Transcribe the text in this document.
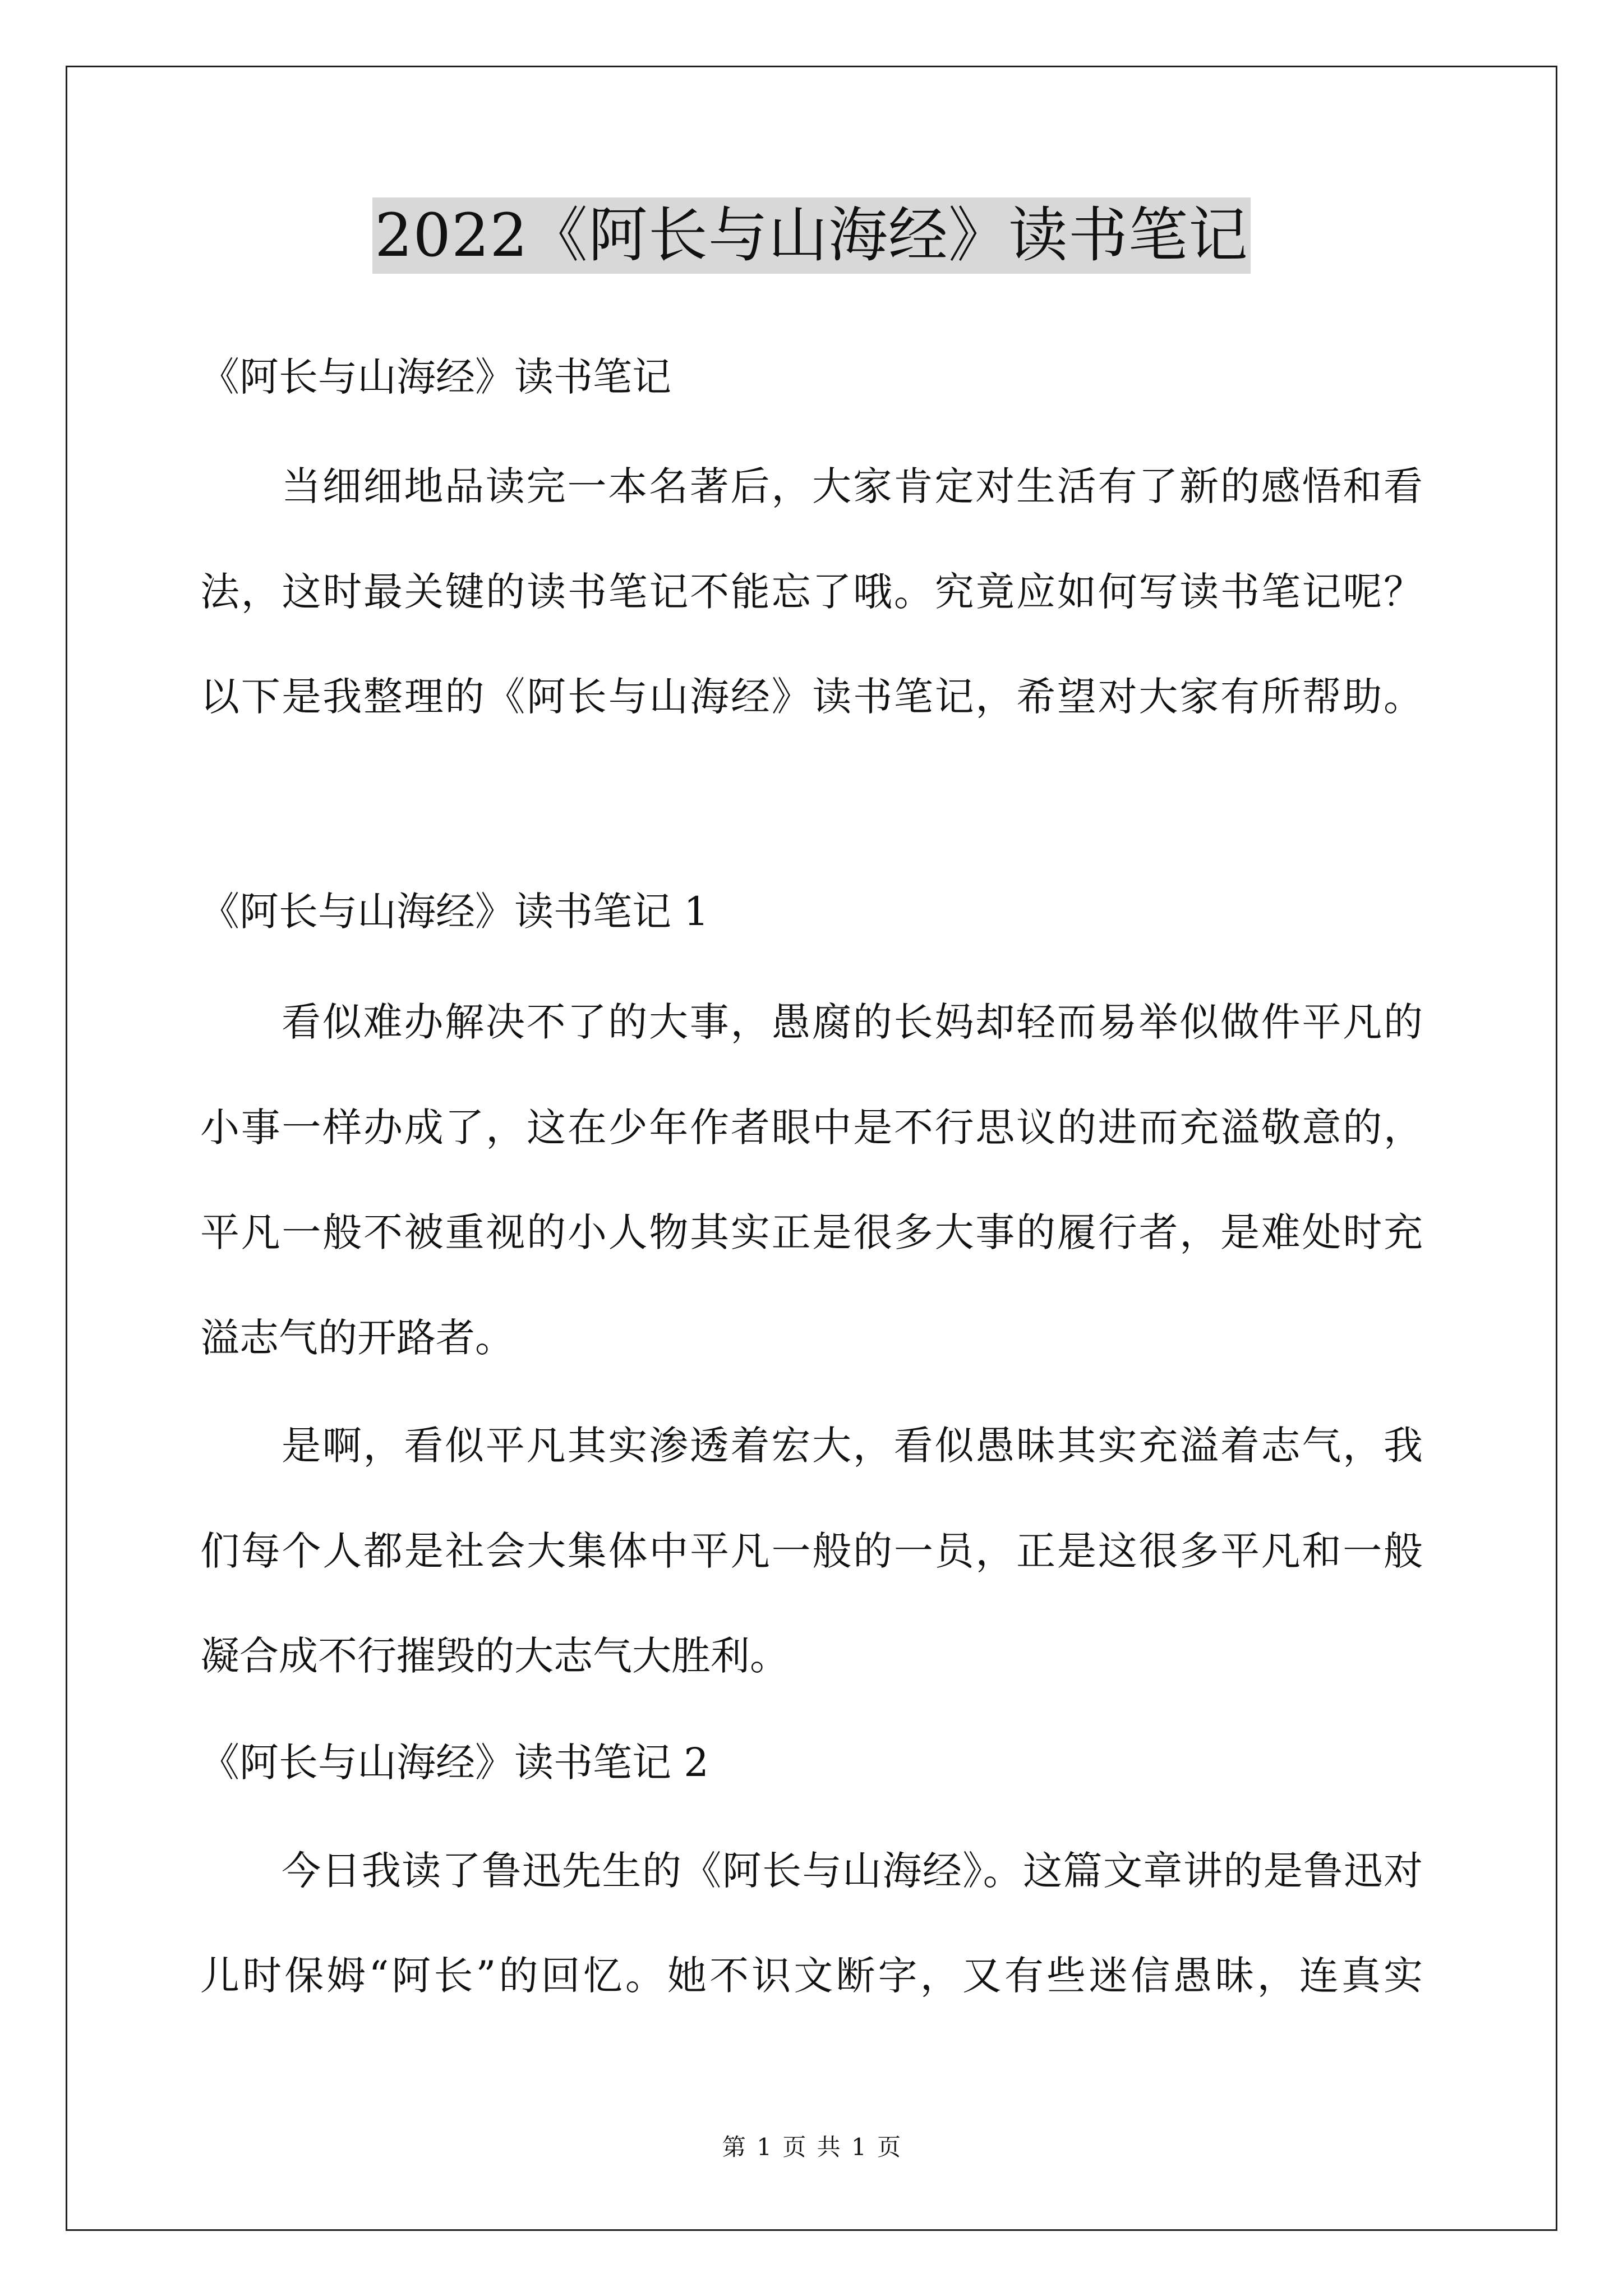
2022《阿长与山海经》读书笔记
《阿长与山海经》读书笔记
当细细地品读完一本名著后，大家肯定对生活有了新的感悟和看
法，这时最关键的读书笔记不能忘了哦。究竟应如何写读书笔记呢？
以下是我整理的《阿长与山海经》读书笔记，希望对大家有所帮助。
《阿长与山海经》读书笔记 1
看似难办解决不了的大事，愚腐的长妈却轻而易举似做件平凡的
小事一样办成了，这在少年作者眼中是不行思议的进而充溢敬意的，
平凡一般不被重视的小人物其实正是很多大事的履行者，是难处时充
溢志气的开路者。
是啊，看似平凡其实渗透着宏大，看似愚昧其实充溢着志气，我
们每个人都是社会大集体中平凡一般的一员，正是这很多平凡和一般
凝合成不行摧毁的大志气大胜利。
《阿长与山海经》读书笔记 2
今日我读了鲁迅先生的《阿长与山海经》。这篇文章讲的是鲁迅对
儿时保姆“阿长”的回忆。她不识文断字，又有些迷信愚昧，连真实
第 1 页 共 1 页
